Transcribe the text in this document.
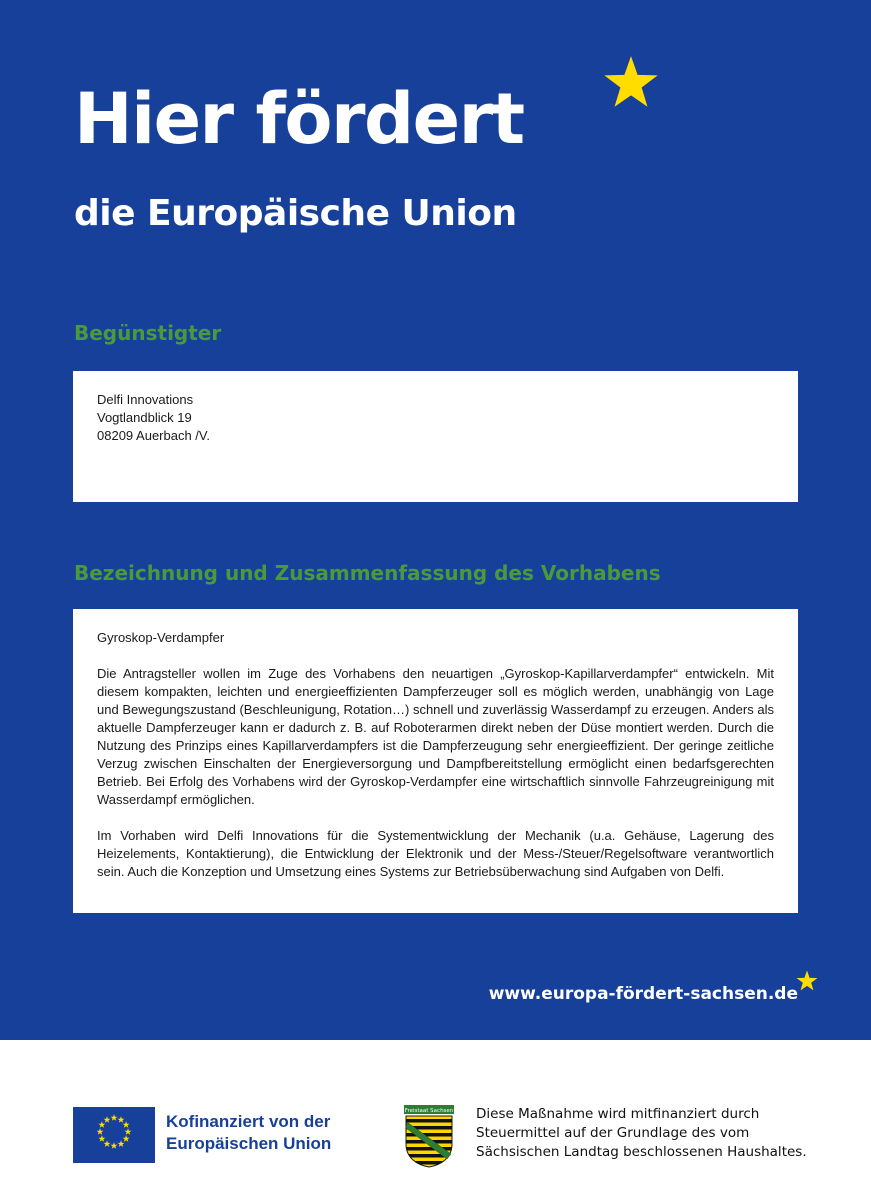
Hier fördert
die Europäische Union
Begünstigter

Delfi Innovations

Vogtlandblick 19

08209 Auerbach /V.

Bezeichnung und Zusammenfassung des Vorhabens

Gyroskop-Verdampfer

Die Antragsteller wollen im Zuge des Vorhabens den neuartigen „Gyroskop-Kapillarverdampfer“ entwickeln. Mit diesem kompakten, leichten und energieeffizienten Dampferzeuger soll es möglich werden, unabhängig von Lage und Bewegungszustand (Beschleunigung, Rotation…) schnell und zuverlässig Wasserdampf zu erzeugen. Anders als aktuelle Dampferzeuger kann er dadurch z. B. auf Roboterarmen direkt neben der Düse montiert werden. Durch die Nutzung des Prinzips eines Kapillarverdampfers ist die Dampferzeugung sehr energieeffizient. Der geringe zeitliche Verzug zwischen Einschalten der Energieversorgung und Dampfbereitstellung ermöglicht einen bedarfsgerechten Betrieb. Bei Erfolg des Vorhabens wird der Gyroskop-Verdampfer eine wirtschaftlich sinnvolle Fahrzeugreinigung mit Wasserdampf ermöglichen.

Im Vorhaben wird Delfi Innovations für die Systementwicklung der Mechanik (u.a. Gehäuse, Lagerung des Heizelements, Kontaktierung), die Entwicklung der Elektronik und der Mess-/Steuer/Regelsoftware verantwortlich sein. Auch die Konzeption und Umsetzung eines Systems zur Betriebsüberwachung sind Aufgaben von Delfi.

www.europa-fördert-sachsen.de
Kofinanziert von der
Europäischen Union
Freistaat Sachsen Diese Maßnahme wird mitfinanziert durch
Steuermittel auf der Grundlage des vom
Sächsischen Landtag beschlossenen Haushaltes.
